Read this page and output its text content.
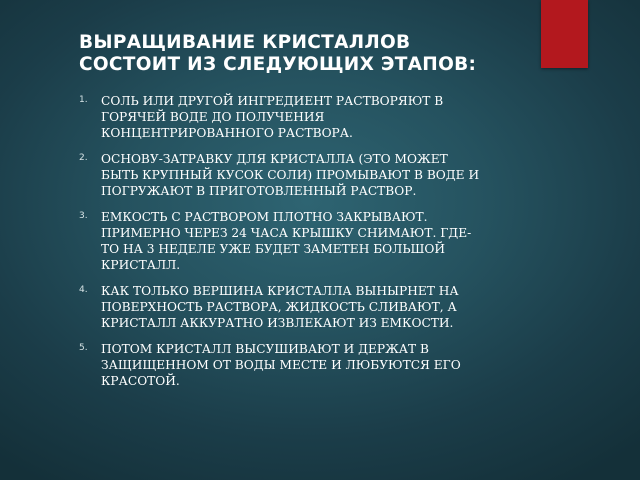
ВЫРАЩИВАНИЕ КРИСТАЛЛОВ
СОСТОИТ ИЗ СЛЕДУЮЩИХ ЭТАПОВ:
1. СОЛЬ ИЛИ ДРУГОЙ ИНГРЕДИЕНТ РАСТВОРЯЮТ В
ГОРЯЧЕЙ ВОДЕ ДО ПОЛУЧЕНИЯ
КОНЦЕНТРИРОВАННОГО РАСТВОРА.
2. ОСНОВУ-ЗАТРАВКУ ДЛЯ КРИСТАЛЛА (ЭТО МОЖЕТ
БЫТЬ КРУПНЫЙ КУСОК СОЛИ) ПРОМЫВАЮТ В ВОДЕ И
ПОГРУЖАЮТ В ПРИГОТОВЛЕННЫЙ РАСТВОР.
3. ЕМКОСТЬ С РАСТВОРОМ ПЛОТНО ЗАКРЫВАЮТ.
ПРИМЕРНО ЧЕРЕЗ 24 ЧАСА КРЫШКУ СНИМАЮТ. ГДЕ-
ТО НА 3 НЕДЕЛЕ УЖЕ БУДЕТ ЗАМЕТЕН БОЛЬШОЙ
КРИСТАЛЛ.
4. КАК ТОЛЬКО ВЕРШИНА КРИСТАЛЛА ВЫНЫРНЕТ НА
ПОВЕРХНОСТЬ РАСТВОРА, ЖИДКОСТЬ СЛИВАЮТ, А
КРИСТАЛЛ АККУРАТНО ИЗВЛЕКАЮТ ИЗ ЕМКОСТИ.
5. ПОТОМ КРИСТАЛЛ ВЫСУШИВАЮТ И ДЕРЖАТ В
ЗАЩИЩЕННОМ ОТ ВОДЫ МЕСТЕ И ЛЮБУЮТСЯ ЕГО
КРАСОТОЙ.
